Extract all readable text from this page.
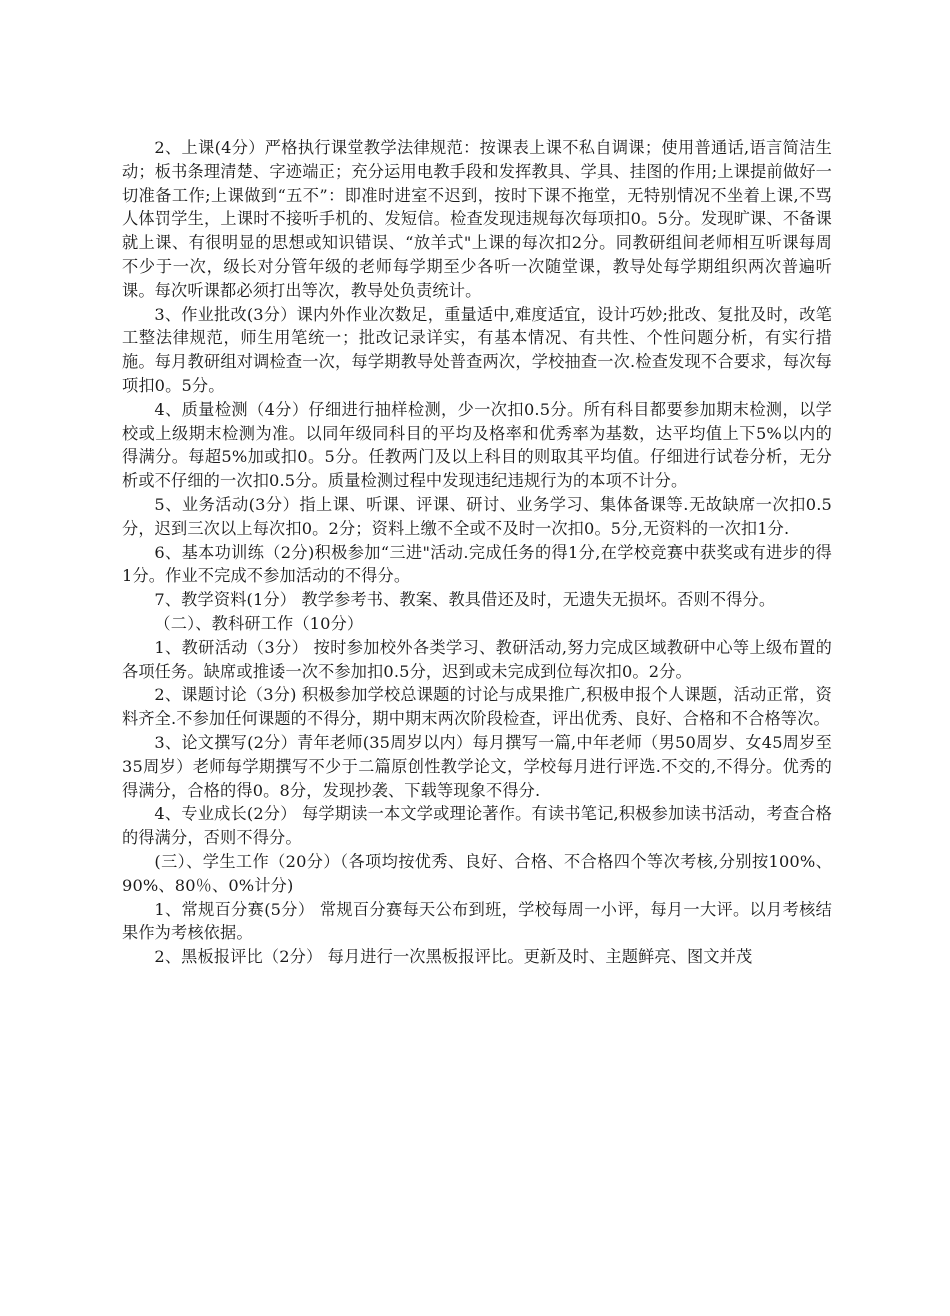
2、上课(4分）严格执行课堂教学法律规范：按课表上课不私自调课；使用普通话,语言简洁生动；板书条理清楚、字迹端正；充分运用电教手段和发挥教具、学具、挂图的作用;上课提前做好一切准备工作;上课做到“五不”：即准时进室不迟到，按时下课不拖堂，无特别情况不坐着上课,不骂人体罚学生，上课时不接听手机的、发短信。检查发现违规每次每项扣0。5分。发现旷课、不备课就上课、有很明显的思想或知识错误、“放羊式"上课的每次扣2分。同教研组间老师相互听课每周不少于一次，级长对分管年级的老师每学期至少各听一次随堂课，教导处每学期组织两次普遍听课。每次听课都必须打出等次，教导处负责统计。

3、作业批改(3分）课内外作业次数足，重量适中,难度适宜，设计巧妙;批改、复批及时，改笔工整法律规范，师生用笔统一；批改记录详实，有基本情况、有共性、个性问题分析，有实行措施。每月教研组对调检查一次，每学期教导处普查两次，学校抽查一次.检查发现不合要求，每次每项扣0。5分。

4、质量检测（4分）仔细进行抽样检测，少一次扣0.5分。所有科目都要参加期末检测，以学校或上级期末检测为准。以同年级同科目的平均及格率和优秀率为基数，达平均值上下5%以内的得满分。每超5%加或扣0。5分。任教两门及以上科目的则取其平均值。仔细进行试卷分析，无分析或不仔细的一次扣0.5分。质量检测过程中发现违纪违规行为的本项不计分。

5、业务活动(3分）指上课、听课、评课、研讨、业务学习、集体备课等.无故缺席一次扣0.5分，迟到三次以上每次扣0。2分；资料上缴不全或不及时一次扣0。5分,无资料的一次扣1分.

6、基本功训练（2分)积极参加“三进"活动.完成任务的得1分,在学校竞赛中获奖或有进步的得1分。作业不完成不参加活动的不得分。

7、教学资料(1分） 教学参考书、教案、教具借还及时，无遗失无损坏。否则不得分。

（二）、教科研工作（10分）

1、教研活动（3分） 按时参加校外各类学习、教研活动,努力完成区域教研中心等上级布置的各项任务。缺席或推诿一次不参加扣0.5分，迟到或未完成到位每次扣0。2分。

2、课题讨论（3分) 积极参加学校总课题的讨论与成果推广,积极申报个人课题，活动正常，资料齐全.不参加任何课题的不得分，期中期末两次阶段检查，评出优秀、良好、合格和不合格等次。

3、论文撰写(2分）青年老师(35周岁以内）每月撰写一篇,中年老师（男50周岁、女45周岁至35周岁）老师每学期撰写不少于二篇原创性教学论文，学校每月进行评选.不交的,不得分。优秀的得满分，合格的得0。8分，发现抄袭、下载等现象不得分.

4、专业成长(2分） 每学期读一本文学或理论著作。有读书笔记,积极参加读书活动，考查合格的得满分，否则不得分。

(三）、学生工作（20分）（各项均按优秀、良好、合格、不合格四个等次考核,分别按100%、90%、80％、0%计分)

1、常规百分赛(5分） 常规百分赛每天公布到班，学校每周一小评，每月一大评。以月考核结果作为考核依据。

2、黑板报评比（2分） 每月进行一次黑板报评比。更新及时、主题鲜亮、图文并茂
